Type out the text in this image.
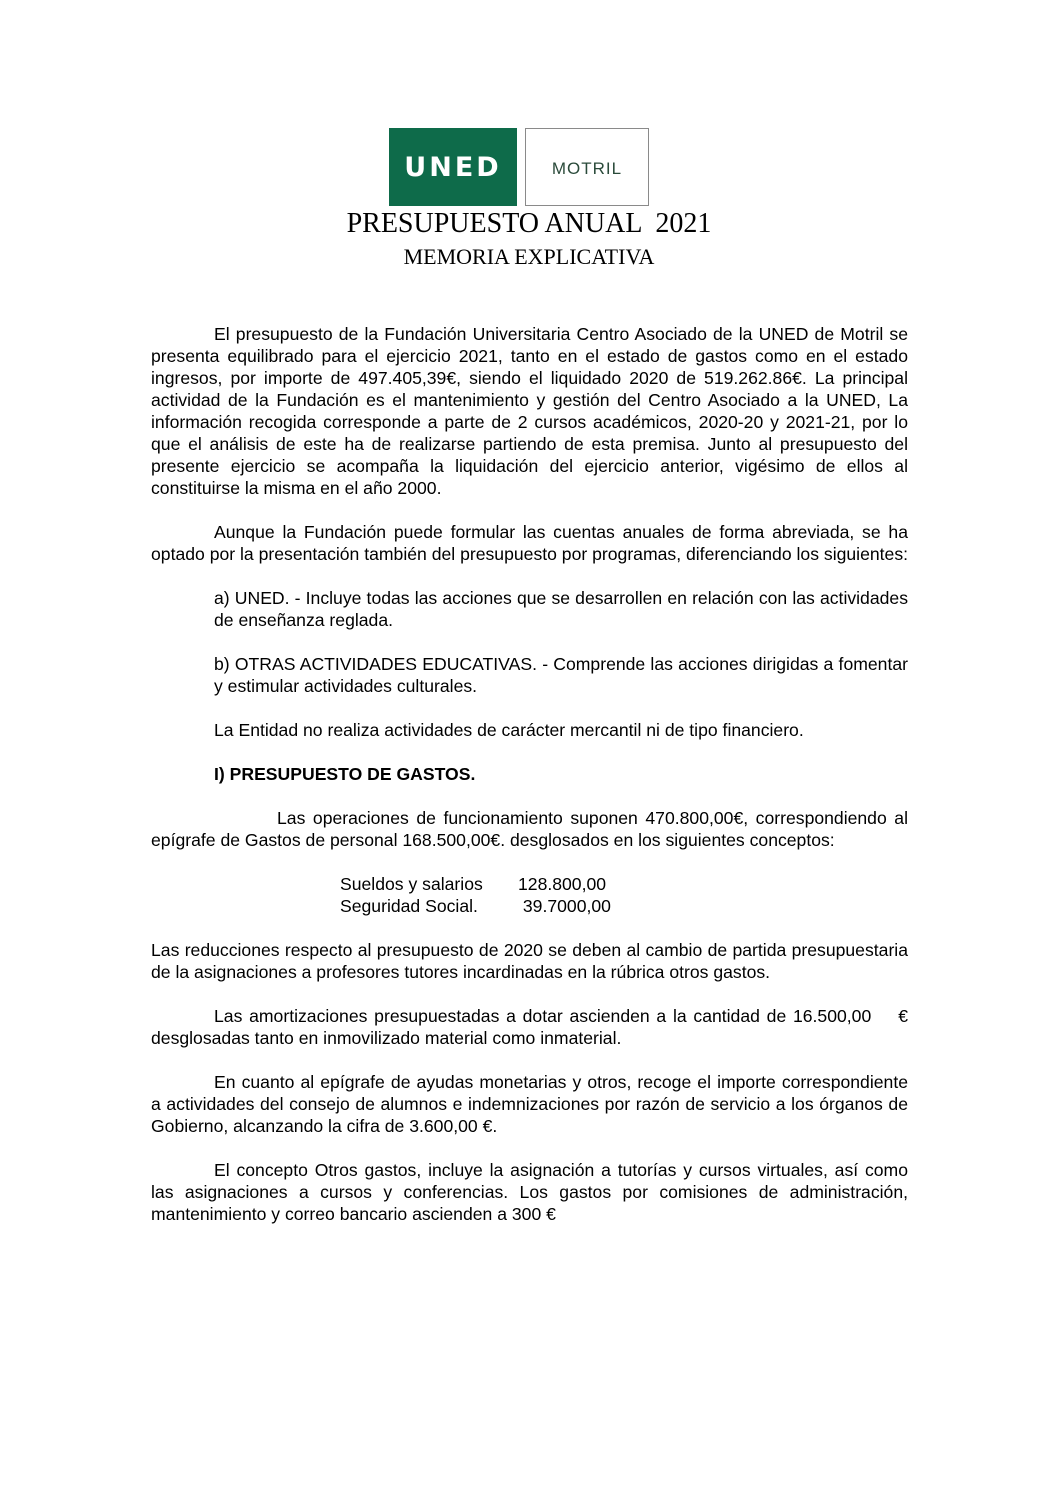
UNED	MOTRIL
PRESUPUESTO ANUAL  2021
MEMORIA EXPLICATIVA

El presupuesto de la Fundación Universitaria Centro Asociado de la UNED de Motril se presenta equilibrado para el ejercicio 2021, tanto en el estado de gastos como en el estado ingresos, por importe de 497.405,39€, siendo el liquidado 2020 de 519.262.86€. La principal actividad de la Fundación es el mantenimiento y gestión del Centro Asociado a la UNED, La información recogida corresponde a parte de 2 cursos académicos, 2020-20 y 2021-21, por lo que el análisis de este ha de realizarse partiendo de esta premisa. Junto al presupuesto del presente ejercicio se acompaña la liquidación del ejercicio anterior, vigésimo de ellos al constituirse la misma en el año 2000.

Aunque la Fundación puede formular las cuentas anuales de forma abreviada, se ha optado por la presentación también del presupuesto por programas, diferenciando los siguientes:

a) UNED. - Incluye todas las acciones que se desarrollen en relación con las actividades de enseñanza reglada.

b) OTRAS ACTIVIDADES EDUCATIVAS. - Comprende las acciones dirigidas a fomentar y estimular actividades culturales.

La Entidad no realiza actividades de carácter mercantil ni de tipo financiero.

I) PRESUPUESTO DE GASTOS.

Las operaciones de funcionamiento suponen 470.800,00€, correspondiendo al epígrafe de Gastos de personal 168.500,00€. desglosados en los siguientes conceptos:

Sueldos y salarios	128.800,00
Seguridad Social.	39.7000,00

Las reducciones respecto al presupuesto de 2020 se deben al cambio de partida presupuestaria de la asignaciones a profesores tutores incardinadas en la rúbrica otros gastos.

Las amortizaciones presupuestadas a dotar ascienden a la cantidad de 16.500,00    € desglosadas tanto en inmovilizado material como inmaterial.

En cuanto al epígrafe de ayudas monetarias y otros, recoge el importe correspondiente a actividades del consejo de alumnos e indemnizaciones por razón de servicio a los órganos de Gobierno, alcanzando la cifra de 3.600,00 €.

El concepto Otros gastos, incluye la asignación a tutorías y cursos virtuales, así como las asignaciones a cursos y conferencias. Los gastos por comisiones de administración, mantenimiento y correo bancario ascienden a 300 €
